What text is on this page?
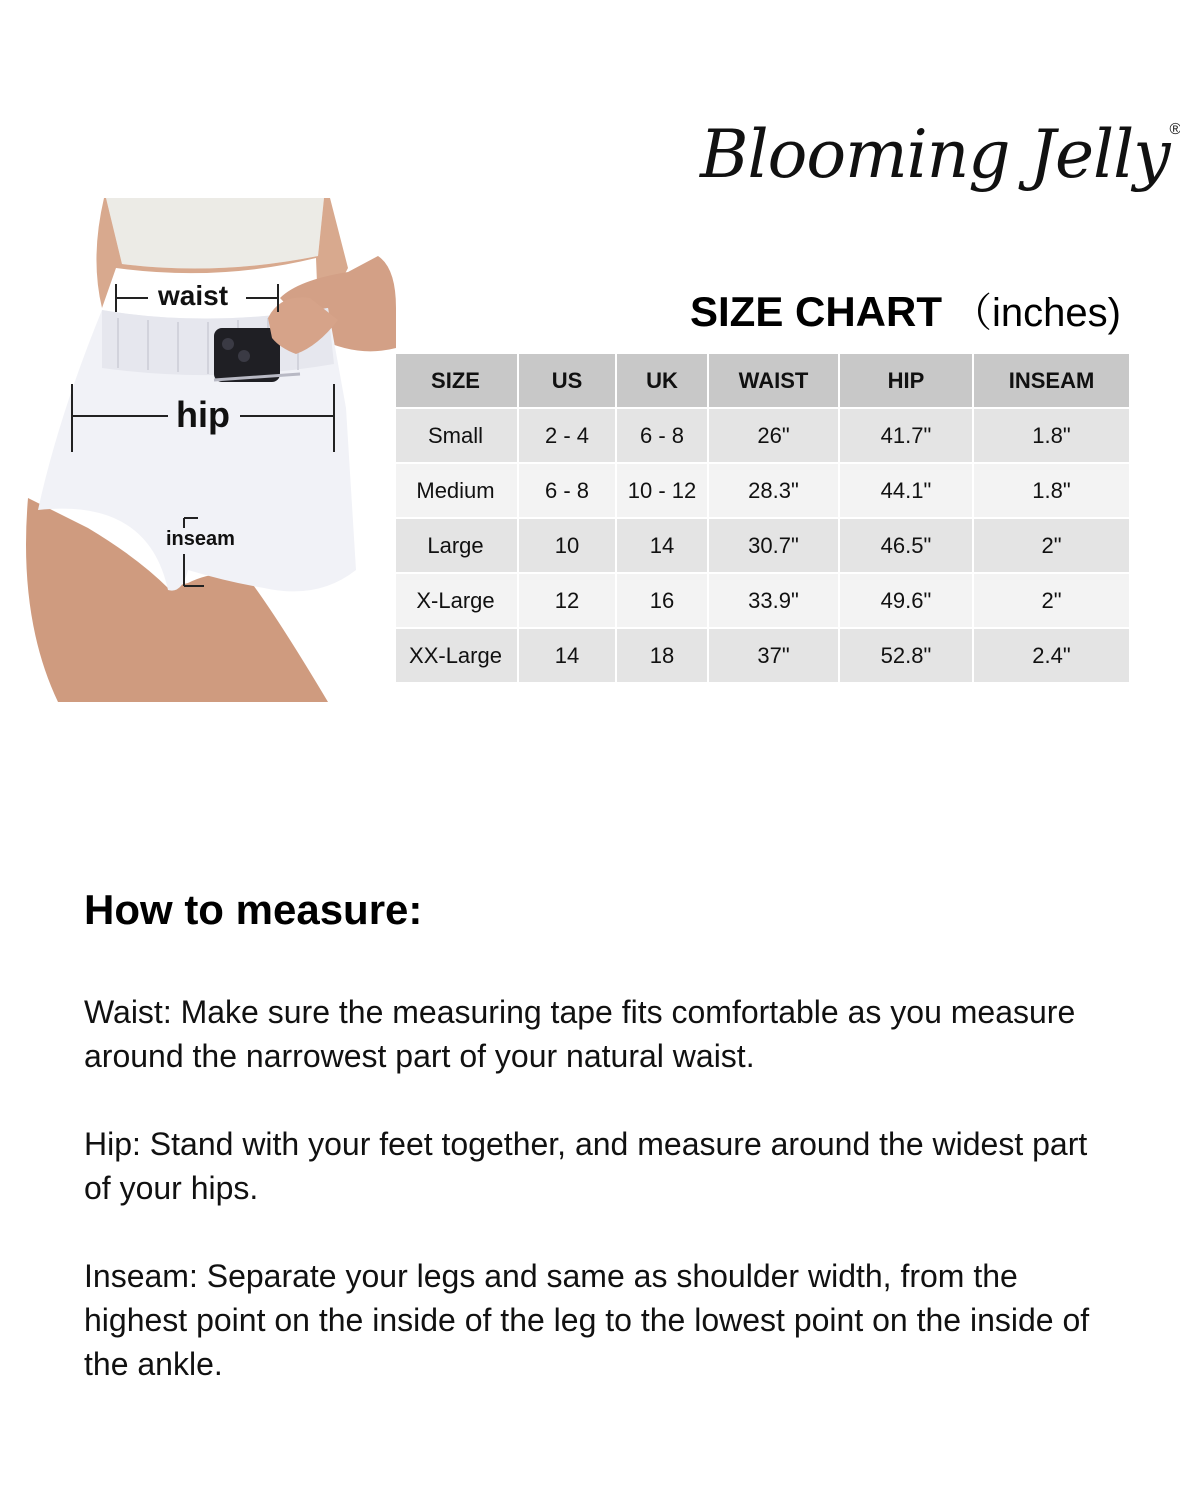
Blooming Jelly®
SIZE CHART （inches)
SIZE	US	UK	WAIST	HIP	INSEAM
Small	2 - 4	6 - 8	26"	41.7"	1.8"
Medium	6 - 8	10 - 12	28.3"	44.1"	1.8"
Large	10	14	30.7"	46.5"	2"
X-Large	12	16	33.9"	49.6"	2"
XX-Large	14	18	37"	52.8"	2.4"
waist
hip
inseam
How to measure:
Waist: Make sure the measuring tape fits comfortable as you measure around the narrowest part of your natural waist.
Hip: Stand with your feet together, and measure around the widest part of your hips.
Inseam: Separate your legs and same as shoulder width, from the highest point on the inside of the leg to the lowest point on the inside of the ankle.
